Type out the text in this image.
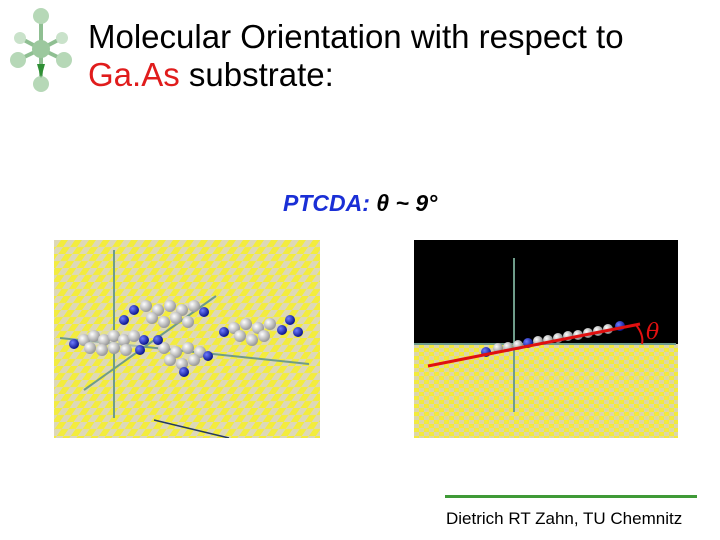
Molecular Orientation with respect to
Ga.As substrate:
PTCDA: θ ~ 9°
θ
Dietrich RT Zahn, TU Chemnitz
